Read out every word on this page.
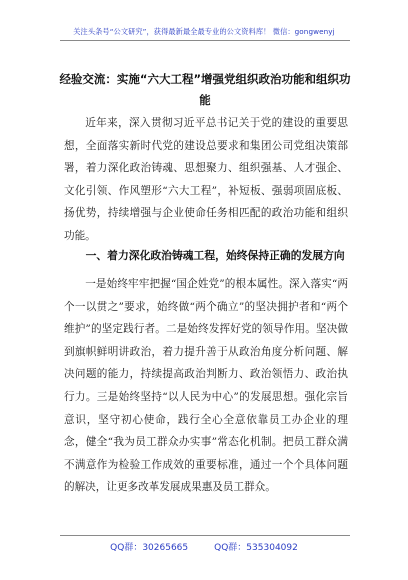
关注头条号“公文研究”，获得最新最全最专业的公文资料库！ 微信：gongwenyj
经验交流：实施“六大工程”增强党组织政治功能和组织功能

近年来，深入贯彻习近平总书记关于党的建设的重要思想，全面落实新时代党的建设总要求和集团公司党组决策部署，着力深化政治铸魂、思想聚力、组织强基、人才强企、文化引领、作风塑形“六大工程”，补短板、强弱项固底板、扬优势，持续增强与企业使命任务相匹配的政治功能和组织功能。

一、着力深化政治铸魂工程，始终保持正确的发展方向

一是始终牢牢把握“国企姓党”的根本属性。深入落实“两个一以贯之”要求，始终做“两个确立”的坚决拥护者和“两个维护”的坚定践行者。二是始终发挥好党的领导作用。坚决做到旗帜鲜明讲政治，着力提升善于从政治角度分析问题、解决问题的能力，持续提高政治判断力、政治领悟力、政治执行力。三是始终坚持“以人民为中心”的发展思想。强化宗旨意识，坚守初心使命，践行全心全意依靠员工办企业的理念，健全“我为员工群众办实事”常态化机制。把员工群众满不满意作为检验工作成效的重要标准，通过一个个具体问题的解决，让更多改革发展成果惠及员工群众。

QQ群：30265665	QQ群：535304092
